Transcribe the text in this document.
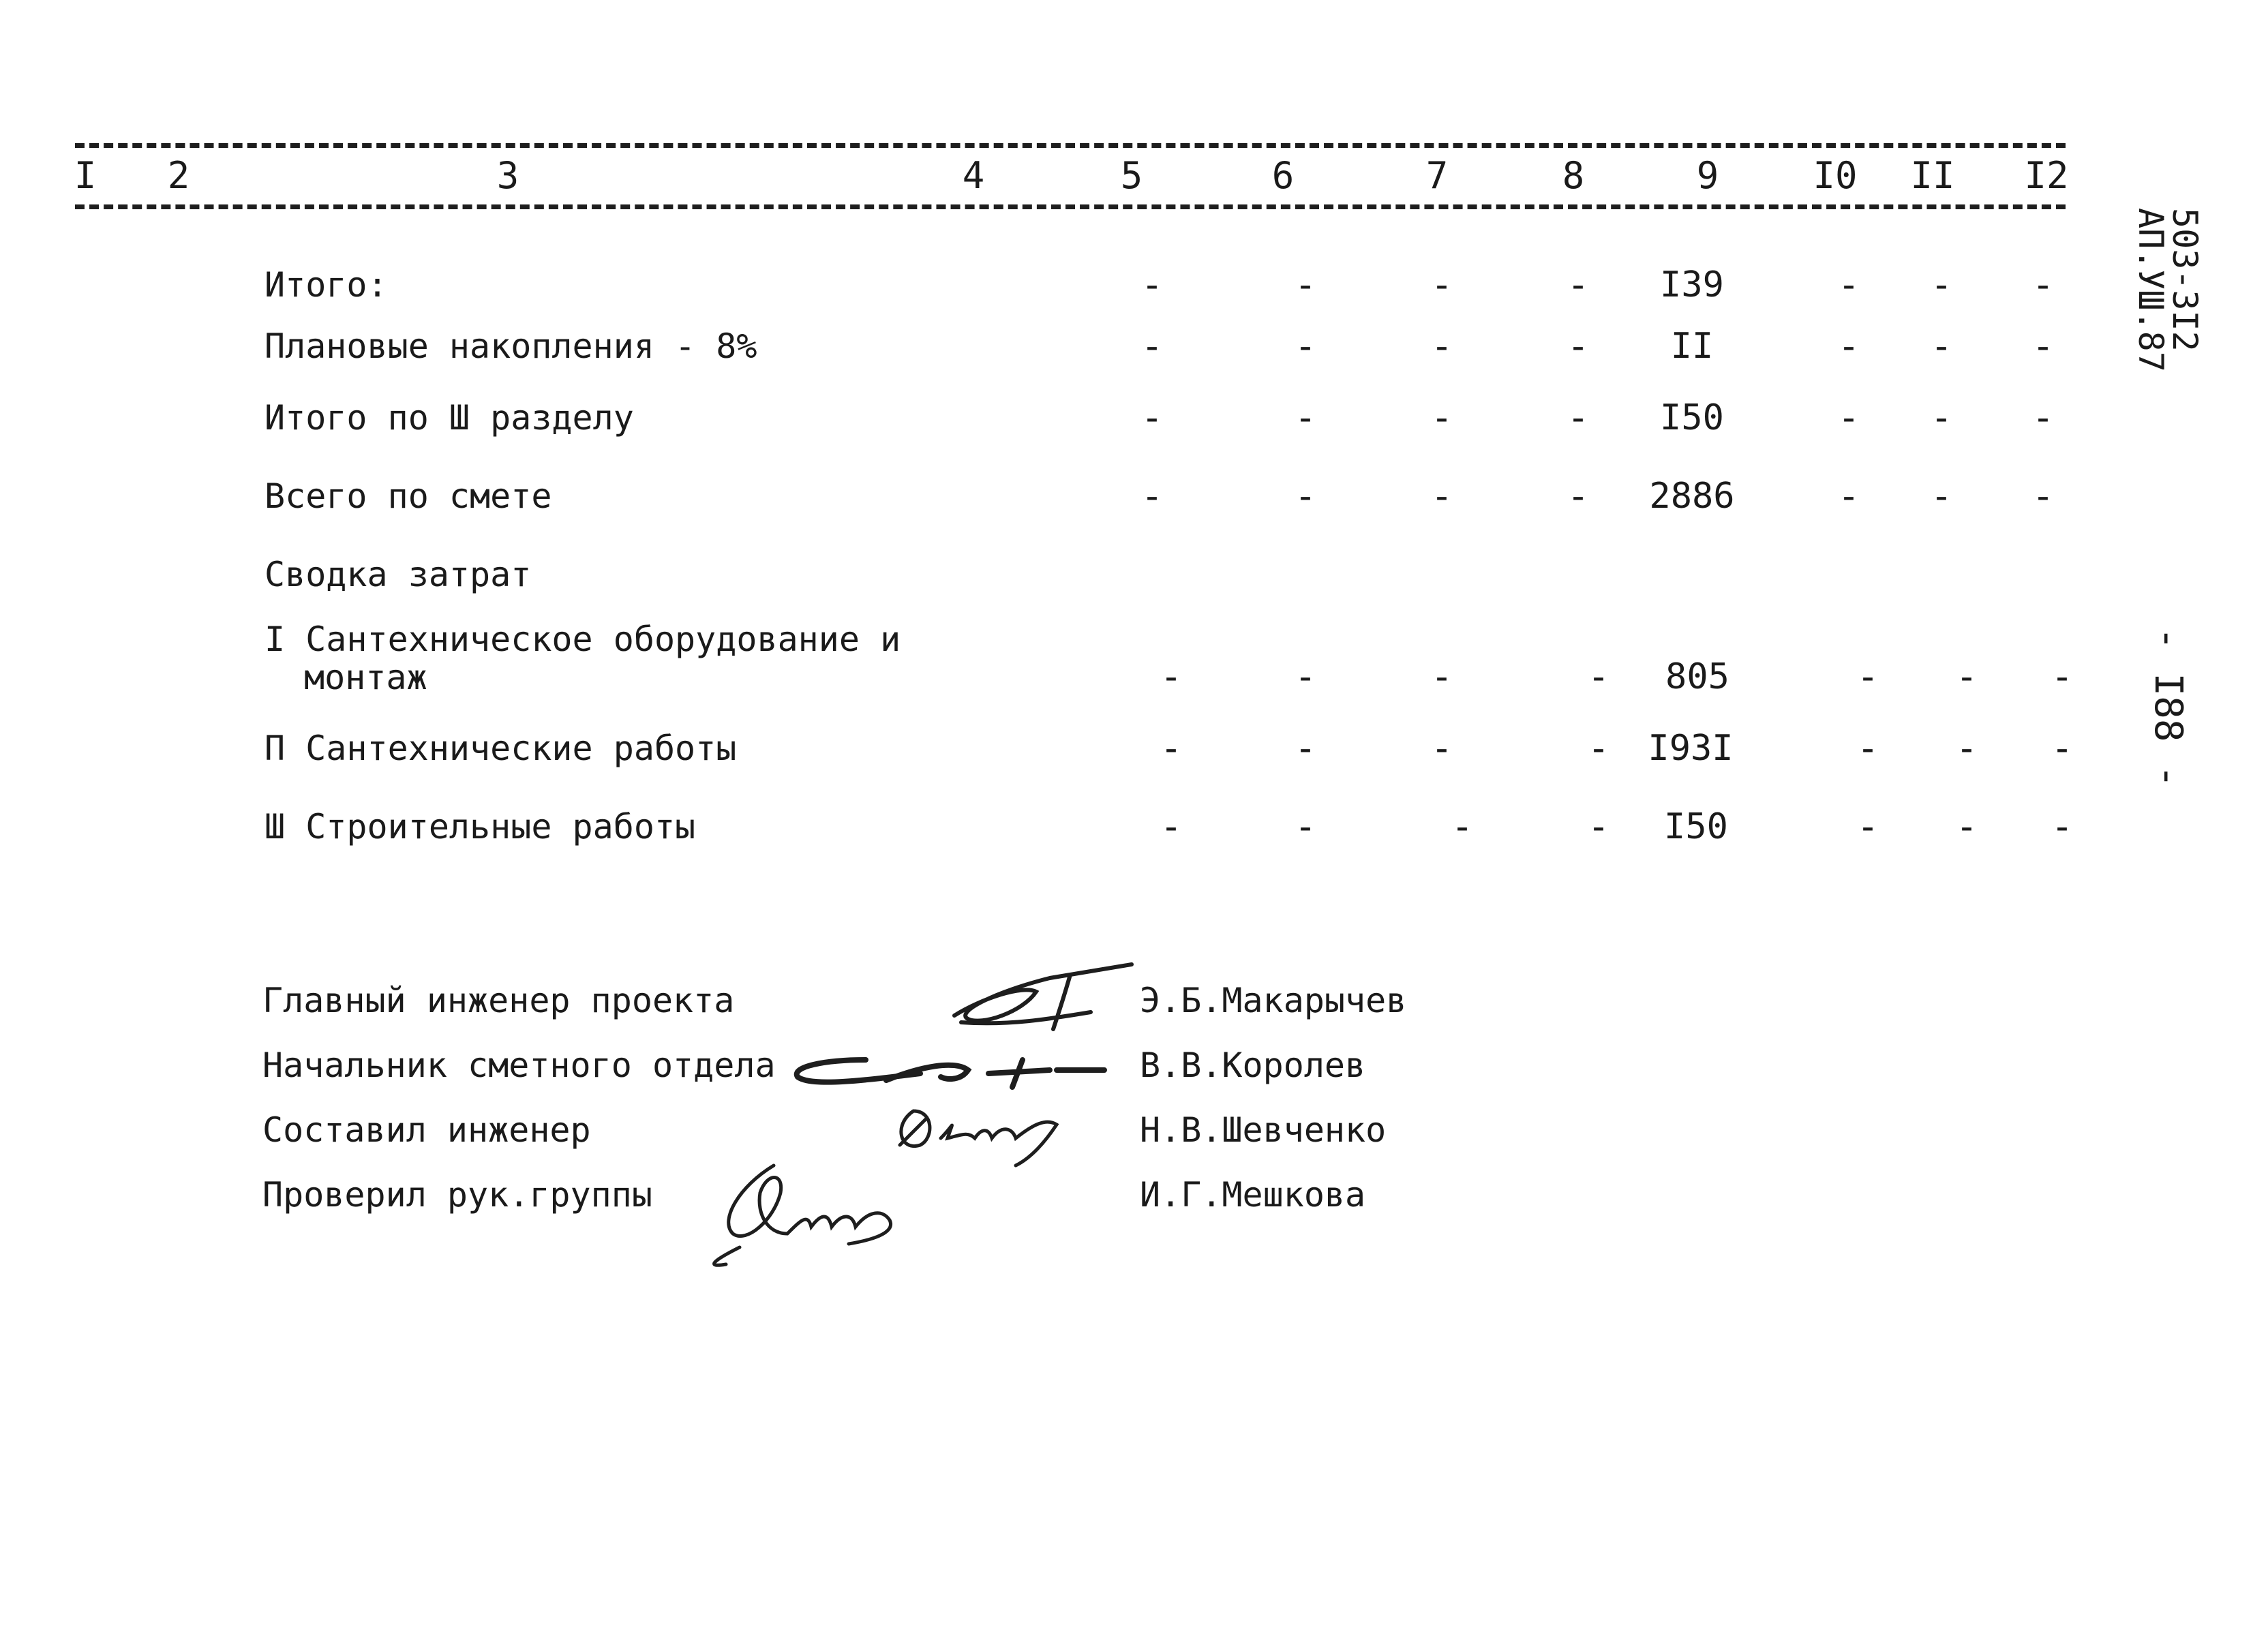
I 2	3	4	5	6	7	8	9	I0 II I2
503-3I2
АП.УШ.87
- I88 -
Итого:	-	-	-	- I39	- - -
Плановые накопления - 8%	-	-	-	- II	- - -
Итого по Ш разделу	-	-	-	- I50	- - -
Всего по смете	-	-	-	- 2886	- - -
Сводка затрат
I Сантехническое оборудование и
монтаж	-	-	-	- 805	- - -
П Сантехнические работы	-	-	-	- I93I	- - -
Ш Строительные работы	-	-	-	- I50	- - -
Главный инженер проекта	Э.Б.Макарычев
Начальник сметного отдела	В.В.Королев
Составил инженер	Н.В.Шевченко
Проверил рук.группы	И.Г.Мешкова
